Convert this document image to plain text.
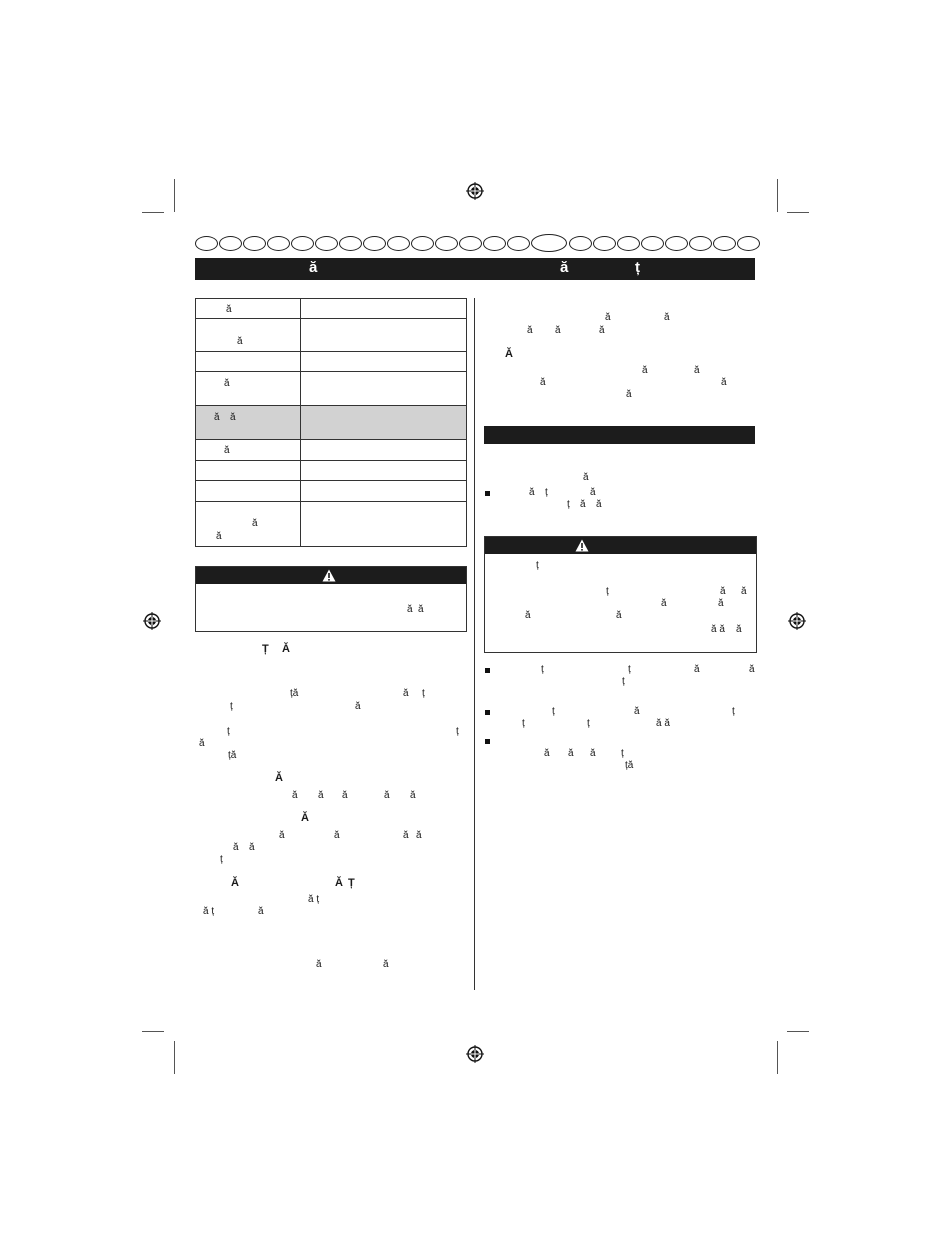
ă	ă	ț
ă
ă
ă
ă ă
ă
ă
ă
ă ă
Ț Ă
ță	ă ț
ț	ă
ț	ț
ă
ță
Ă
ă ă ă	ă ă
Ă
ă	ă	ă ă
ă ă
ț
Ă	Ă Ț
ă ț
ă ț	ă
ă	ă
ă	ă
ă ă	ă
Ă
ă	ă
ă	ă
ă
ă
ă ț	ă
ț ă ă
ț
ț	ă ă
ă	ă
ă	ă
ă ă ă
ț	ț	ă	ă
ț
ț	ă	ț
ț	ț	ă ă
ă ă ă	ț
ță
